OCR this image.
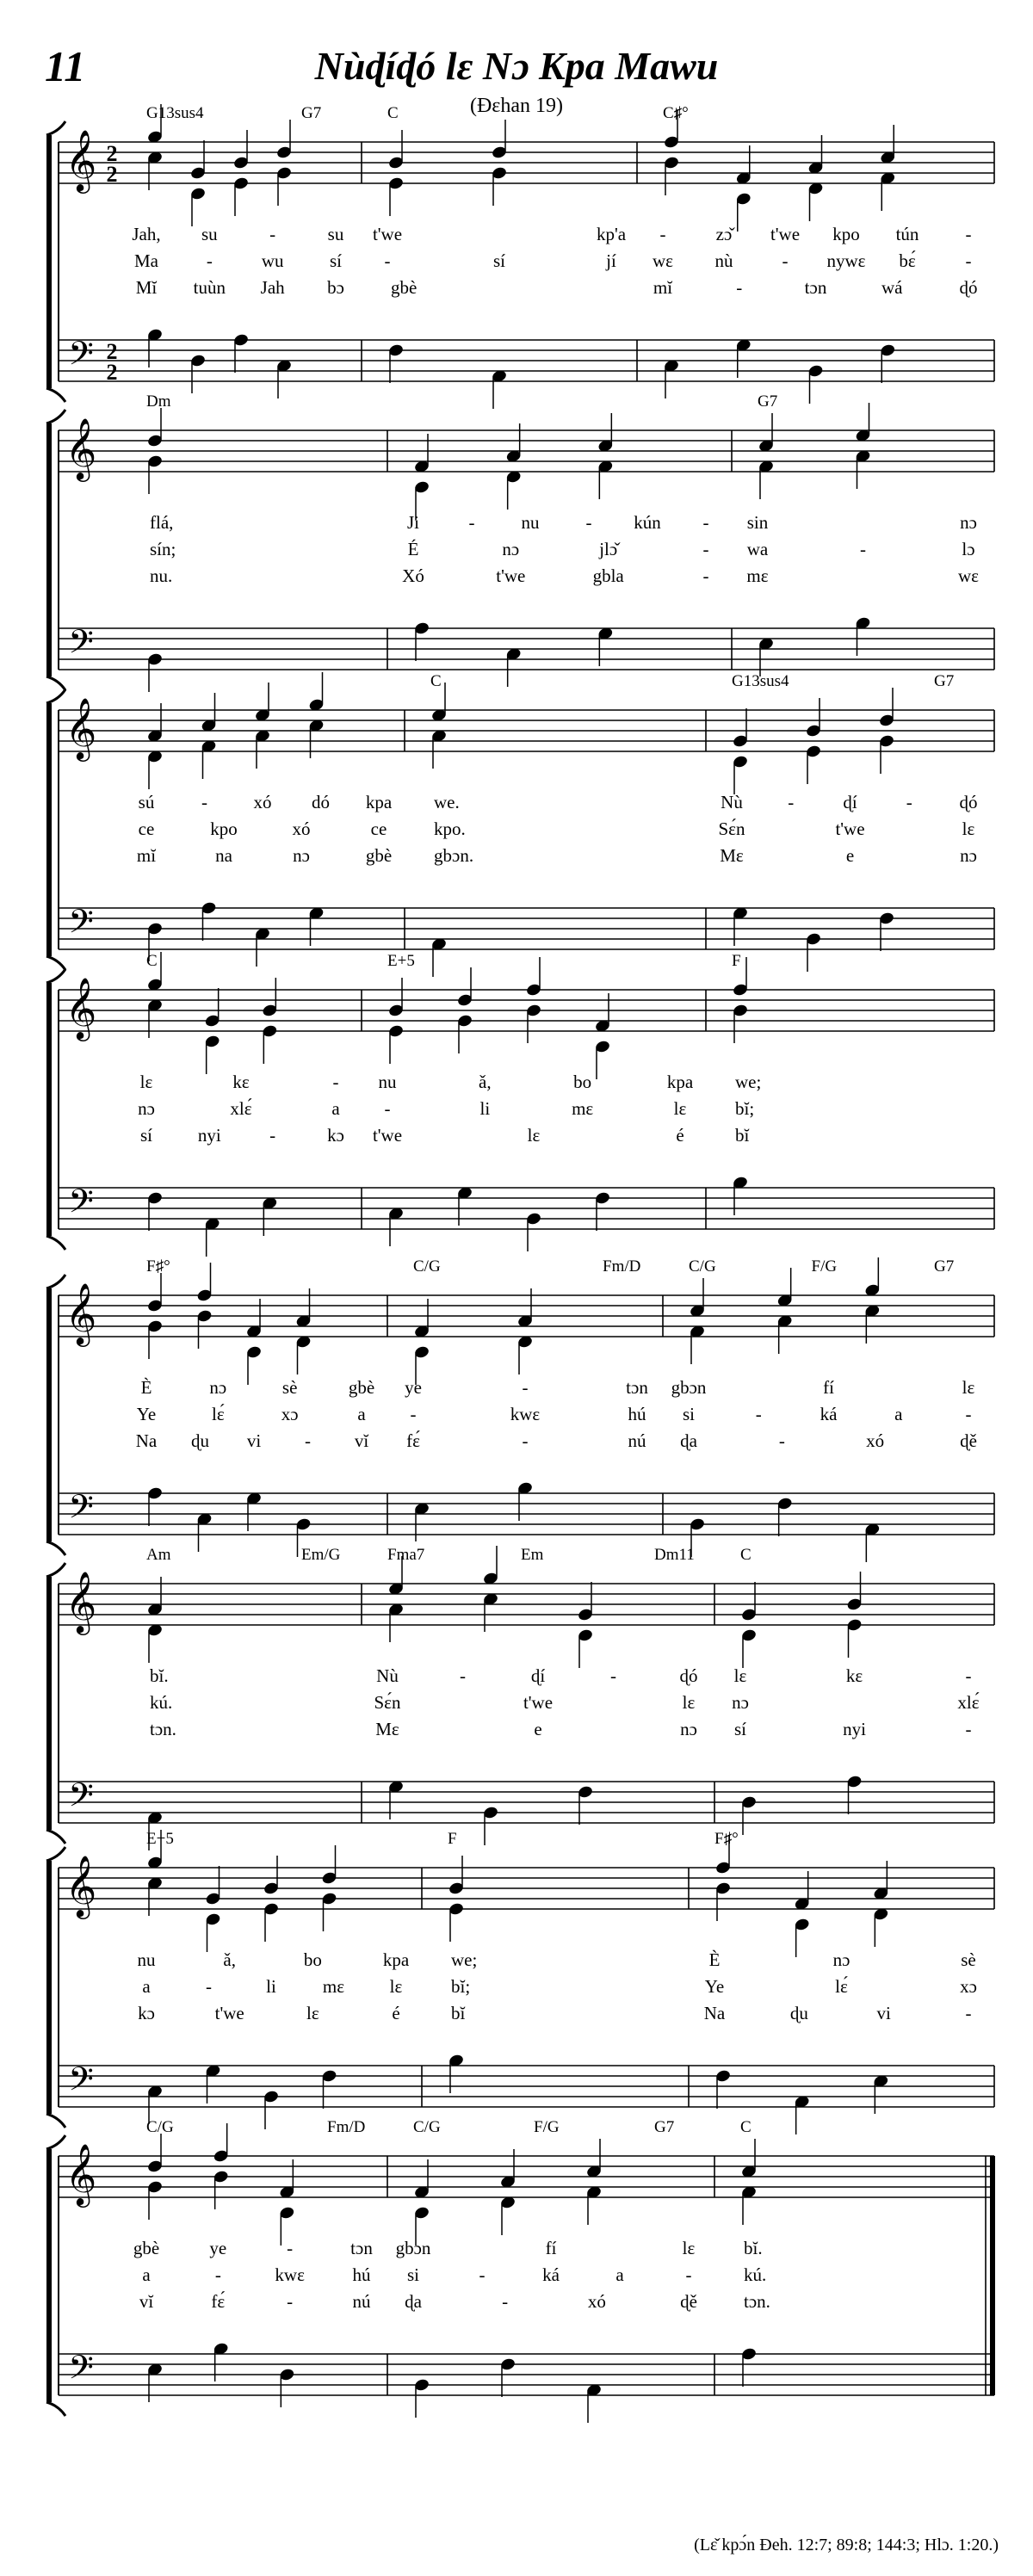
11	Nùɖíɖó lɛ Nɔ Kpa Mawu
(Ɖɛhan 19)
𝄞
𝄢
2
2
2
2
G13sus4	G7
Jah, su	-	su
Ma	-	wu	sí
Mĭ tuùn Jah bɔ
C
t'we	kp'a
-	sí	jí
gbè
C♯°
-	zɔ̌ t'we kpo tún	-
wɛ nù	- nywɛ bɛ́	-
mĭ	-	tɔn	wá	ɖó
𝄞
𝄢
Dm
flá,
sín;
nu.
Ji	-	nu	- kún -
É	nɔ	jlɔ̌	-
Xó	t'we	gbla	-
G7
sin	nɔ
wa	-	lɔ
mɛ	wɛ
𝄞
𝄢
sú	-	xó dó kpa
ce	kpo	xó	ce
mĭ	na	nɔ	gbè
C
we.
kpo.
gbɔn.
G13sus4	G7
Nù -	ɖí	-	ɖó
Sɛ́n	t'we	lɛ
Mɛ	e	nɔ
𝄞
𝄢
C
lɛ	kɛ	-
nɔ	xlɛ́	a
sí	nyi	-	kɔ
E+5
nu	ǎ,	bo	kpa
-	li	mɛ	lɛ
t'we	lɛ	é
F
we;
bĭ;
bĭ
𝄞
𝄢
F♯°
È	nɔ	sè	gbè
Ye	lɛ́	xɔ	a
Na ɖu vi - vĭ
C/G	Fm/D
ye	-	tɔn
-	kwɛ	hú
fɛ́	-	nú
C/G	F/G	G7
gbɔn	fí	lɛ
si	-	ká	a	-
ɖa	-	xó	ɖě
𝄞
𝄢
Am	Em/G
bĭ.
kú.
tɔn.
Fma7	Em	Dm11
Nù	-	ɖí	-	ɖó
Sɛ́n	t'we	lɛ
Mɛ	e	nɔ
C
lɛ	kɛ	-
nɔ	xlɛ́
sí	nyi	-
𝄞
𝄢
E+5
nu	ǎ,	bo	kpa
a	-	li	mɛ	lɛ
kɔ	t'we	lɛ	é
F
we;
bĭ;
bĭ
F♯°
È	nɔ	sè
Ye	lɛ́	xɔ
Na	ɖu	vi	-
𝄞
𝄢
C/G	Fm/D
gbè	ye	-	tɔn
a	-	kwɛ	hú
vĭ	fɛ́	-	nú
C/G	F/G	G7
gbɔn	fí	lɛ
si	-	ká	a	-
ɖa	-	xó	ɖě
C
bĭ.
kú.
tɔn.
(Lɛ̌ kpɔ́n Ɖeh. 12:7; 89:8; 144:3; Hlɔ. 1:20.)
